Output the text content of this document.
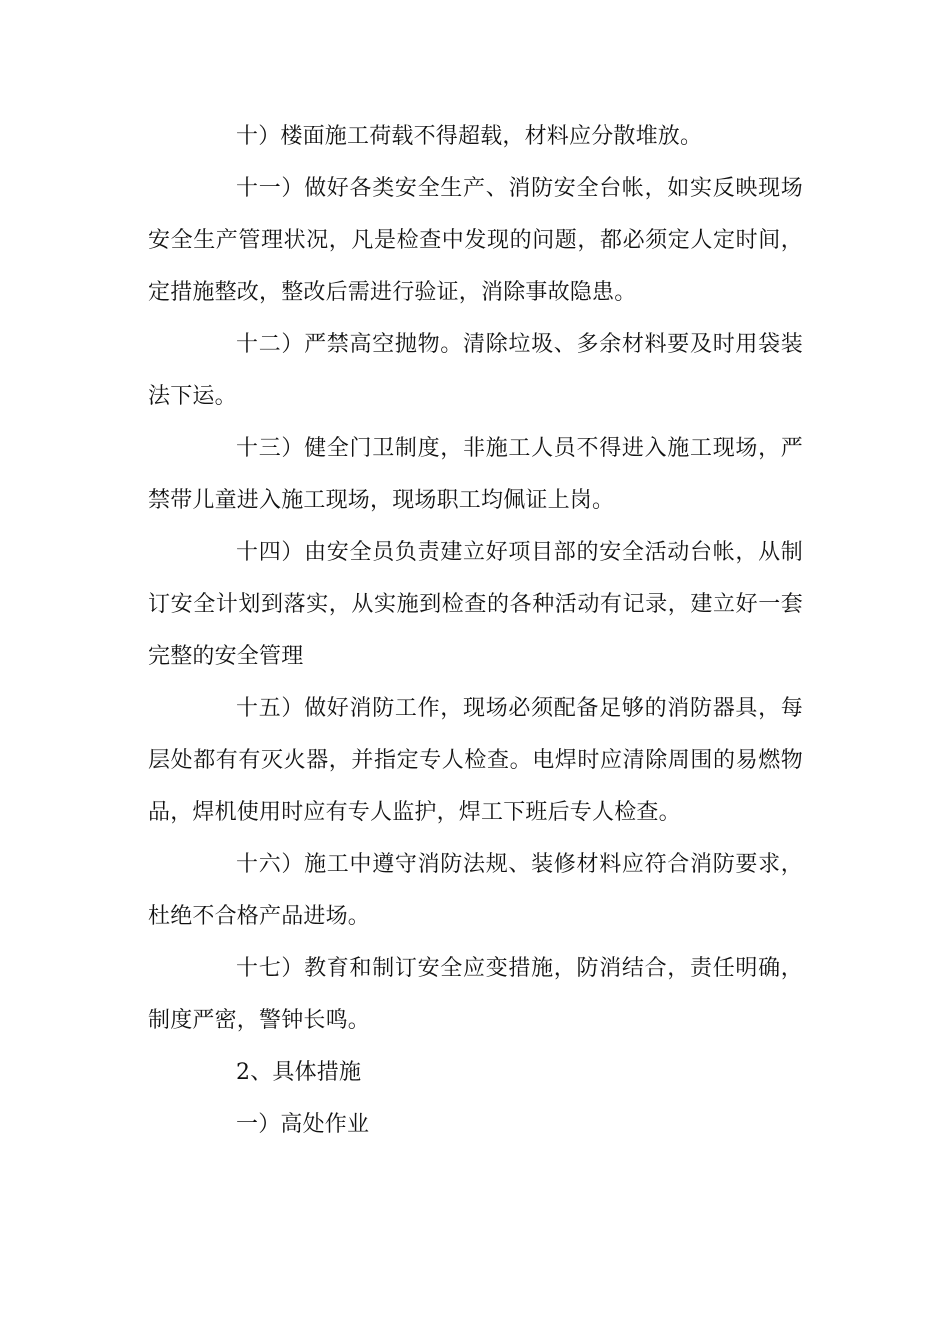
十）楼面施工荷载不得超载，材料应分散堆放。

十一）做好各类安全生产、消防安全台帐，如实反映现场安全生产管理状况，凡是检查中发现的问题，都必须定人定时间，定措施整改，整改后需进行验证，消除事故隐患。

十二）严禁高空抛物。清除垃圾、多余材料要及时用袋装法下运。

十三）健全门卫制度，非施工人员不得进入施工现场，严禁带儿童进入施工现场，现场职工均佩证上岗。

十四）由安全员负责建立好项目部的安全活动台帐，从制订安全计划到落实，从实施到检查的各种活动有记录，建立好一套完整的安全管理

十五）做好消防工作，现场必须配备足够的消防器具，每层处都有有灭火器，并指定专人检查。电焊时应清除周围的易燃物品，焊机使用时应有专人监护，焊工下班后专人检查。

十六）施工中遵守消防法规、装修材料应符合消防要求，杜绝不合格产品进场。

十七）教育和制订安全应变措施，防消结合，责任明确，制度严密，警钟长鸣。

2、具体措施

一）高处作业
